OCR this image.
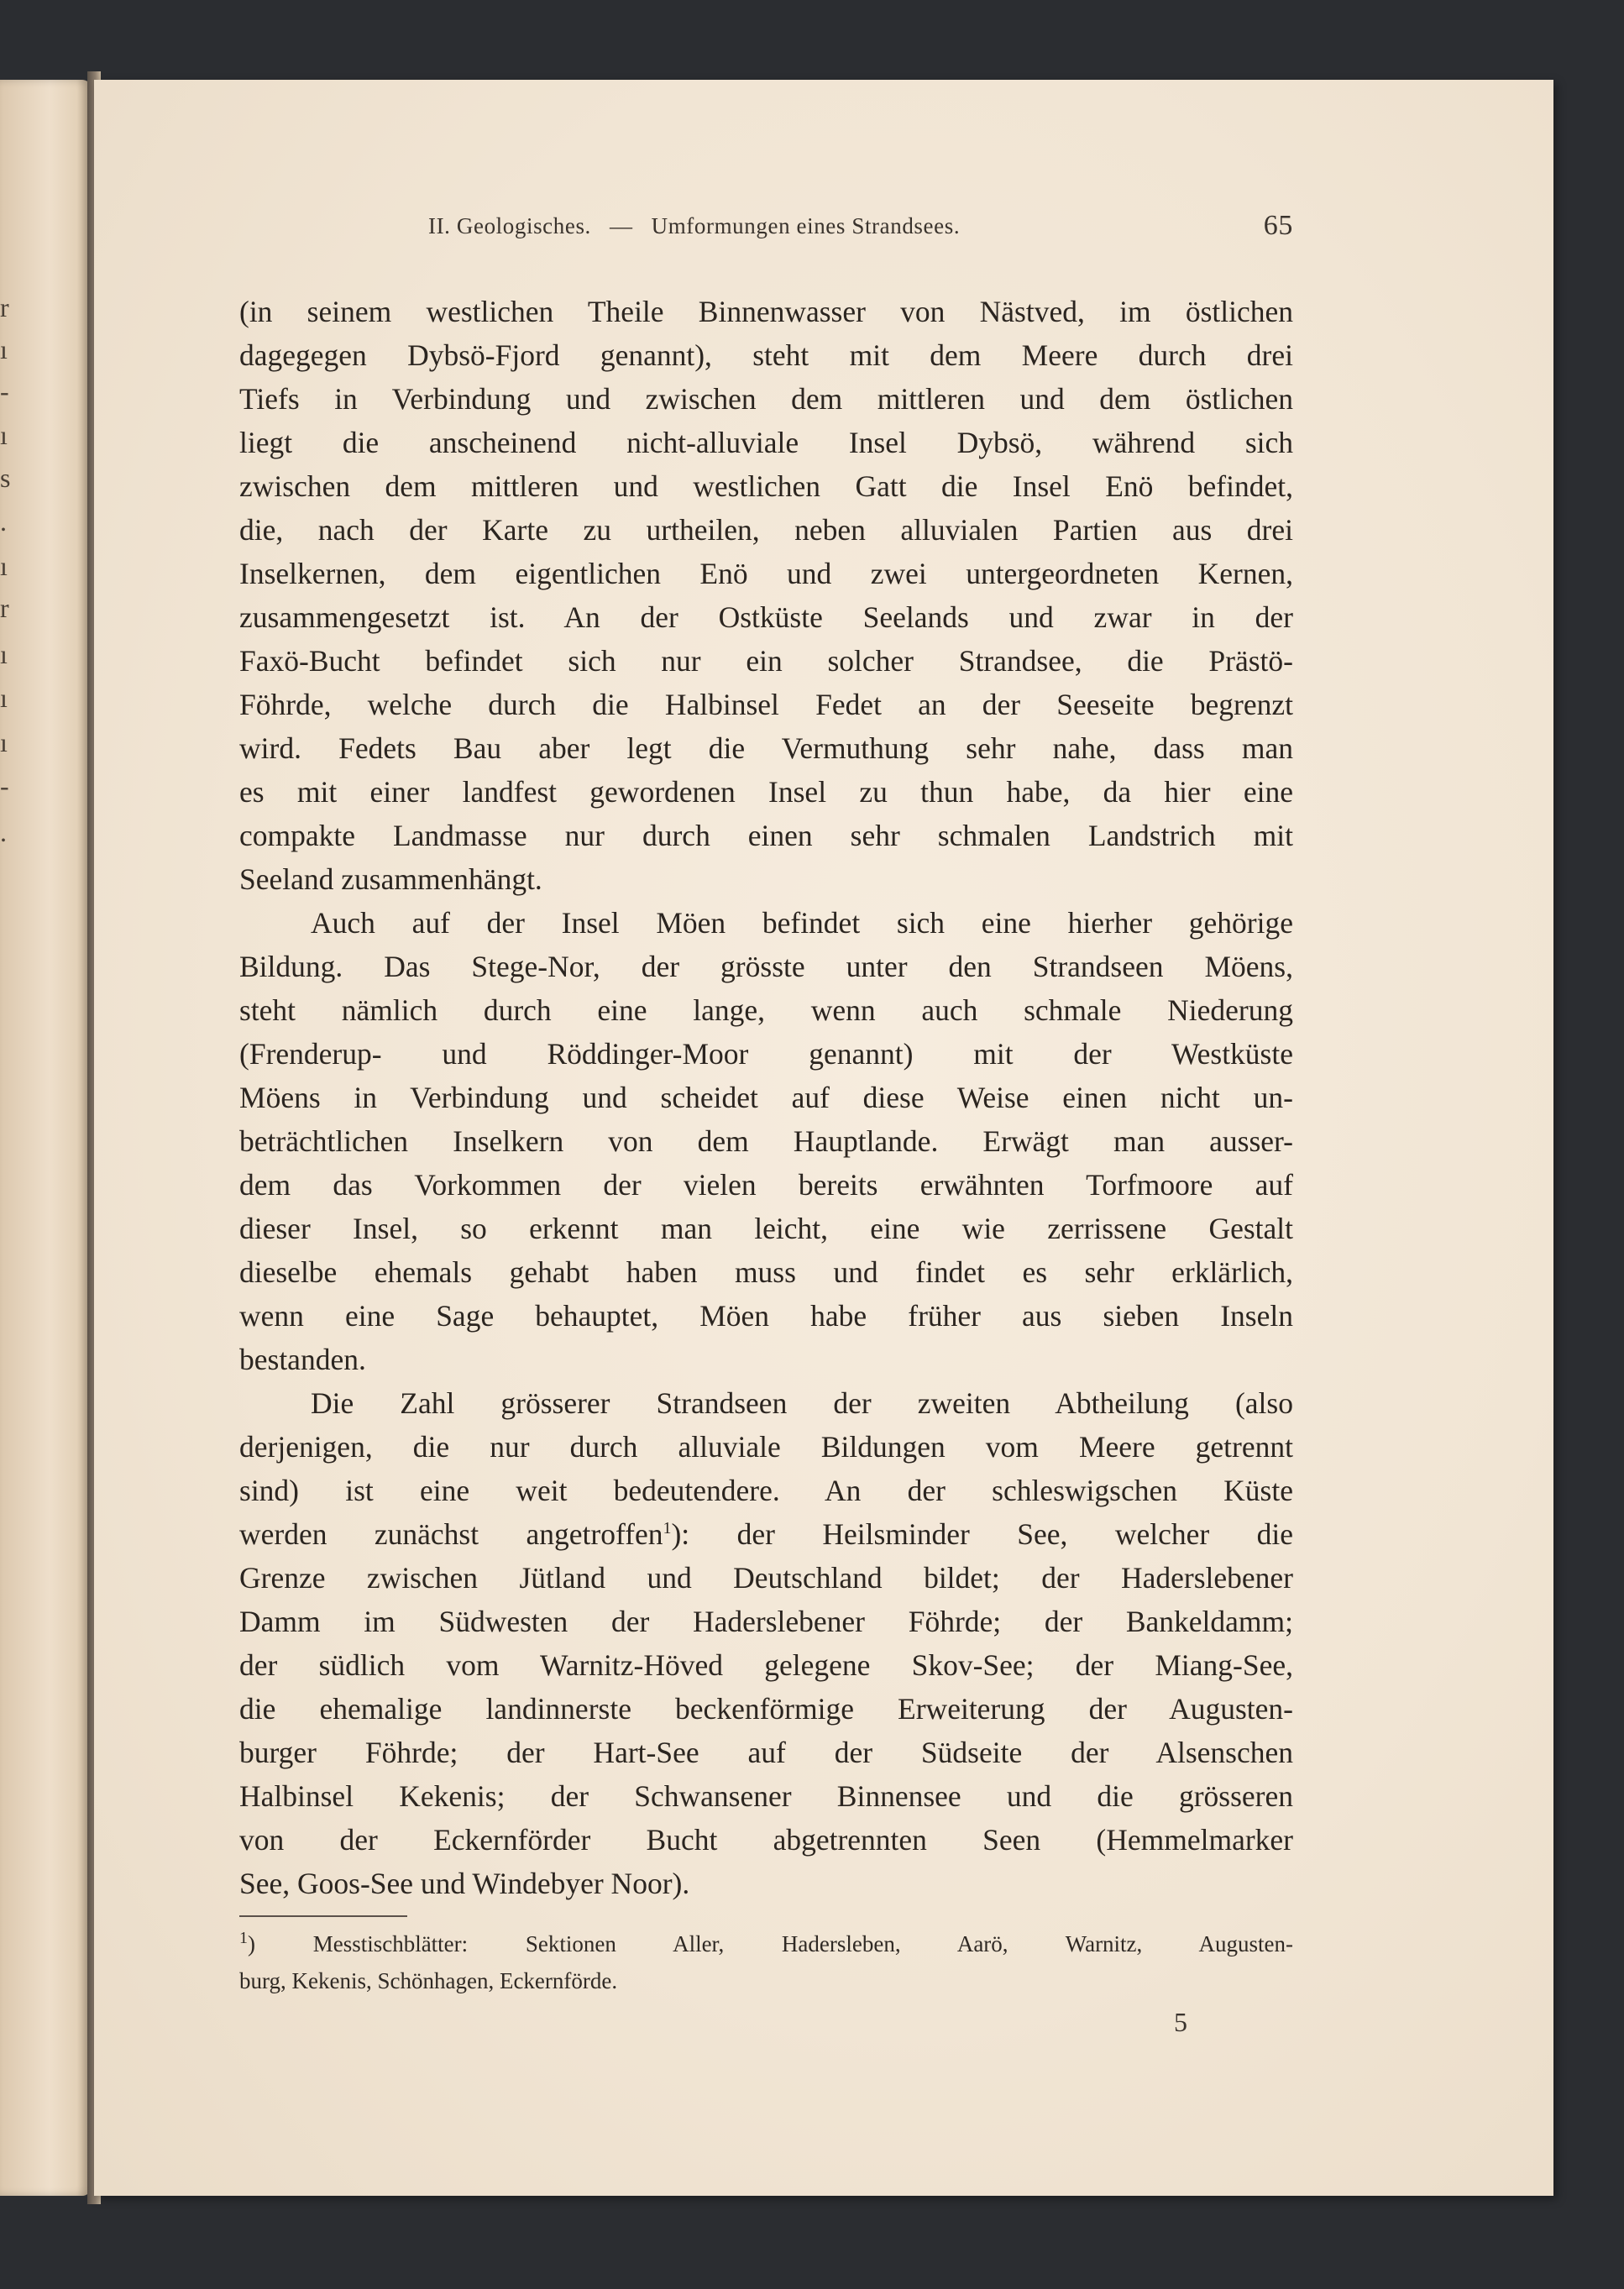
r
ı
-
ı
s
.
ı
r
ı
ı
ı
-
.
II. Geologisches.   —   Umformungen eines Strandsees.	65
(in seinem westlichen Theile Binnenwasser von Nästved, im östlichen
dagegegen Dybsö-Fjord genannt), steht mit dem Meere durch drei
Tiefs in Verbindung und zwischen dem mittleren und dem östlichen
liegt die anscheinend nicht-alluviale Insel Dybsö, während sich
zwischen dem mittleren und westlichen Gatt die Insel Enö befindet,
die, nach der Karte zu urtheilen, neben alluvialen Partien aus drei
Inselkernen, dem eigentlichen Enö und zwei untergeordneten Kernen,
zusammengesetzt ist. An der Ostküste Seelands und zwar in der
Faxö-Bucht befindet sich nur ein solcher Strandsee, die Prästö-
Föhrde, welche durch die Halbinsel Fedet an der Seeseite begrenzt
wird. Fedets Bau aber legt die Vermuthung sehr nahe, dass man
es mit einer landfest gewordenen Insel zu thun habe, da hier eine
compakte Landmasse nur durch einen sehr schmalen Landstrich mit
Seeland zusammenhängt.
Auch auf der Insel Möen befindet sich eine hierher gehörige
Bildung. Das Stege-Nor, der grösste unter den Strandseen Möens,
steht nämlich durch eine lange, wenn auch schmale Niederung
(Frenderup- und Röddinger-Moor genannt) mit der Westküste
Möens in Verbindung und scheidet auf diese Weise einen nicht un-
beträchtlichen Inselkern von dem Hauptlande. Erwägt man ausser-
dem das Vorkommen der vielen bereits erwähnten Torfmoore auf
dieser Insel, so erkennt man leicht, eine wie zerrissene Gestalt
dieselbe ehemals gehabt haben muss und findet es sehr erklärlich,
wenn eine Sage behauptet, Möen habe früher aus sieben Inseln
bestanden.
Die Zahl grösserer Strandseen der zweiten Abtheilung (also
derjenigen, die nur durch alluviale Bildungen vom Meere getrennt
sind) ist eine weit bedeutendere. An der schleswigschen Küste
werden zunächst angetroffen$^1$): der Heilsminder See, welcher die
Grenze zwischen Jütland und Deutschland bildet; der Haderslebener
Damm im Südwesten der Haderslebener Föhrde; der Bankeldamm;
der südlich vom Warnitz-Höved gelegene Skov-See; der Miang-See,
die ehemalige landinnerste beckenförmige Erweiterung der Augusten-
burger Föhrde; der Hart-See auf der Südseite der Alsenschen
Halbinsel Kekenis; der Schwansener Binnensee und die grösseren
von der Eckernförder Bucht abgetrennten Seen (Hemmelmarker
See, Goos-See und Windebyer Noor).
$^1$) Messtischblätter: Sektionen Aller, Hadersleben, Aarö, Warnitz, Augusten-
burg, Kekenis, Schönhagen, Eckernförde.
5
